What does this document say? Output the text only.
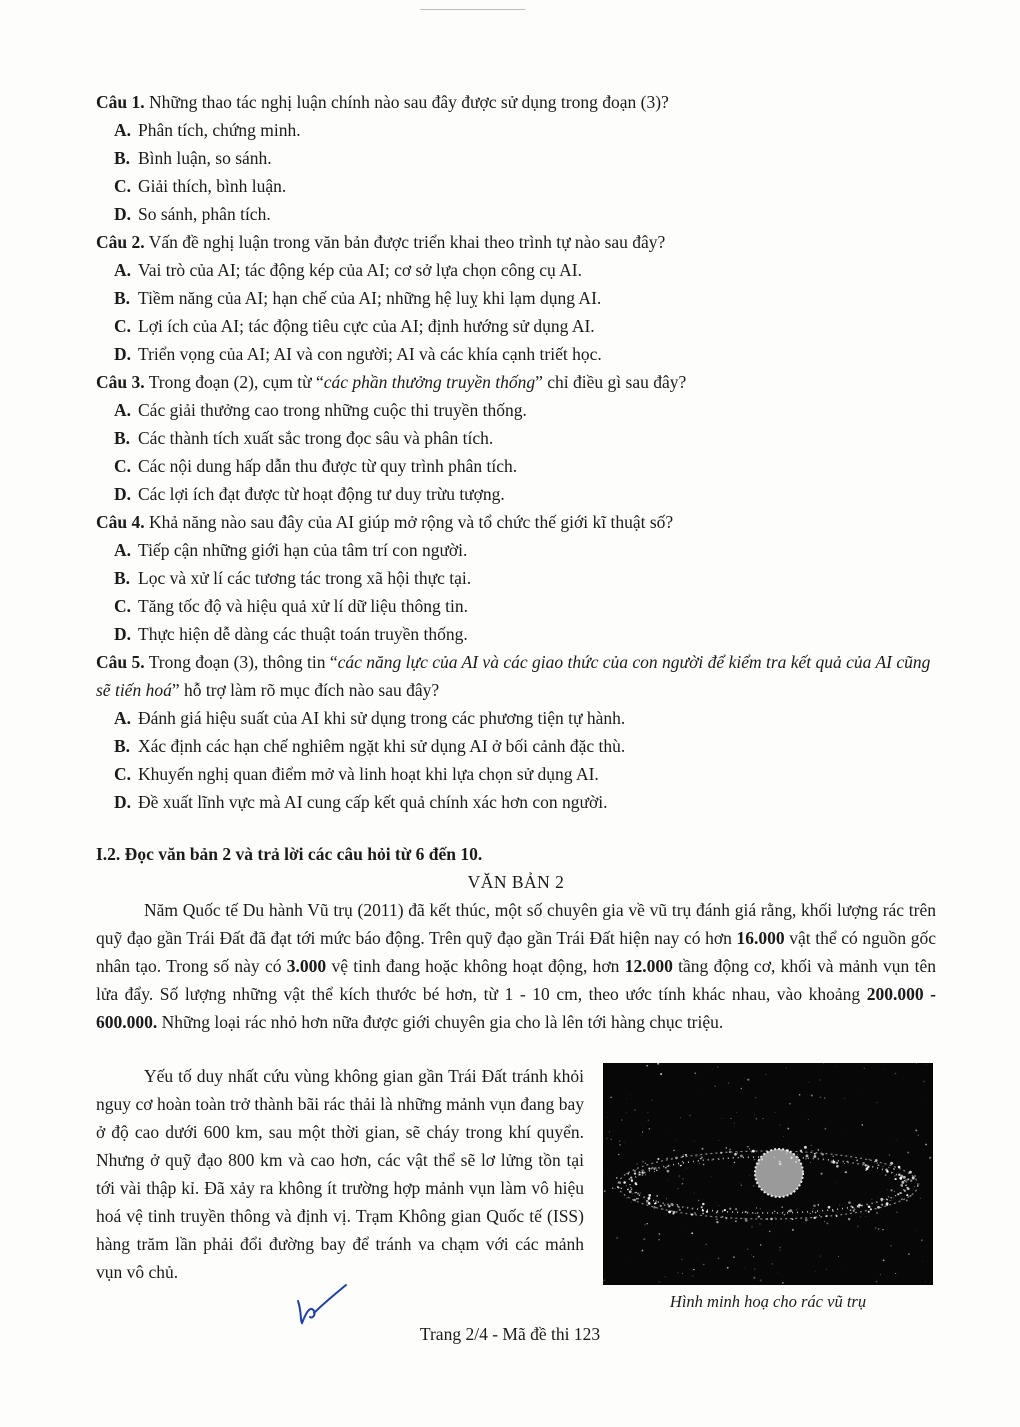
Câu 1. Những thao tác nghị luận chính nào sau đây được sử dụng trong đoạn (3)?

A. Phân tích, chứng minh.

B. Bình luận, so sánh.

C. Giải thích, bình luận.

D. So sánh, phân tích.

Câu 2. Vấn đề nghị luận trong văn bản được triển khai theo trình tự nào sau đây?

A. Vai trò của AI; tác động kép của AI; cơ sở lựa chọn công cụ AI.

B. Tiềm năng của AI; hạn chế của AI; những hệ luỵ khi lạm dụng AI.

C. Lợi ích của AI; tác động tiêu cực của AI; định hướng sử dụng AI.

D. Triển vọng của AI; AI và con người; AI và các khía cạnh triết học.

Câu 3. Trong đoạn (2), cụm từ “các phần thưởng truyền thống” chỉ điều gì sau đây?

A. Các giải thưởng cao trong những cuộc thi truyền thống.

B. Các thành tích xuất sắc trong đọc sâu và phân tích.

C. Các nội dung hấp dẫn thu được từ quy trình phân tích.

D. Các lợi ích đạt được từ hoạt động tư duy trừu tượng.

Câu 4. Khả năng nào sau đây của AI giúp mở rộng và tổ chức thế giới kĩ thuật số?

A. Tiếp cận những giới hạn của tâm trí con người.

B. Lọc và xử lí các tương tác trong xã hội thực tại.

C. Tăng tốc độ và hiệu quả xử lí dữ liệu thông tin.

D. Thực hiện dễ dàng các thuật toán truyền thống.

Câu 5. Trong đoạn (3), thông tin “các năng lực của AI và các giao thức của con người để kiểm tra kết quả của AI cũng sẽ tiến hoá” hỗ trợ làm rõ mục đích nào sau đây?

A. Đánh giá hiệu suất của AI khi sử dụng trong các phương tiện tự hành.

B. Xác định các hạn chế nghiêm ngặt khi sử dụng AI ở bối cảnh đặc thù.

C. Khuyến nghị quan điểm mở và linh hoạt khi lựa chọn sử dụng AI.

D. Đề xuất lĩnh vực mà AI cung cấp kết quả chính xác hơn con người.

I.2. Đọc văn bản 2 và trả lời các câu hỏi từ 6 đến 10.

VĂN BẢN 2

Năm Quốc tế Du hành Vũ trụ (2011) đã kết thúc, một số chuyên gia về vũ trụ đánh giá rằng, khối lượng rác trên quỹ đạo gần Trái Đất đã đạt tới mức báo động. Trên quỹ đạo gần Trái Đất hiện nay có hơn 16.000 vật thể có nguồn gốc nhân tạo. Trong số này có 3.000 vệ tinh đang hoặc không hoạt động, hơn 12.000 tầng động cơ, khối và mảnh vụn tên lửa đẩy. Số lượng những vật thể kích thước bé hơn, từ 1 - 10 cm, theo ước tính khác nhau, vào khoảng 200.000 - 600.000. Những loại rác nhỏ hơn nữa được giới chuyên gia cho là lên tới hàng chục triệu.

Yếu tố duy nhất cứu vùng không gian gần Trái Đất tránh khỏi nguy cơ hoàn toàn trở thành bãi rác thải là những mảnh vụn đang bay ở độ cao dưới 600 km, sau một thời gian, sẽ cháy trong khí quyển. Nhưng ở quỹ đạo 800 km và cao hơn, các vật thể sẽ lơ lửng tồn tại tới vài thập kỉ. Đã xảy ra không ít trường hợp mảnh vụn làm vô hiệu hoá vệ tinh truyền thông và định vị. Trạm Không gian Quốc tế (ISS) hàng trăm lần phải đổi đường bay để tránh va chạm với các mảnh vụn vô chủ.

Hình minh hoạ cho rác vũ trụ
Trang 2/4 - Mã đề thi 123
